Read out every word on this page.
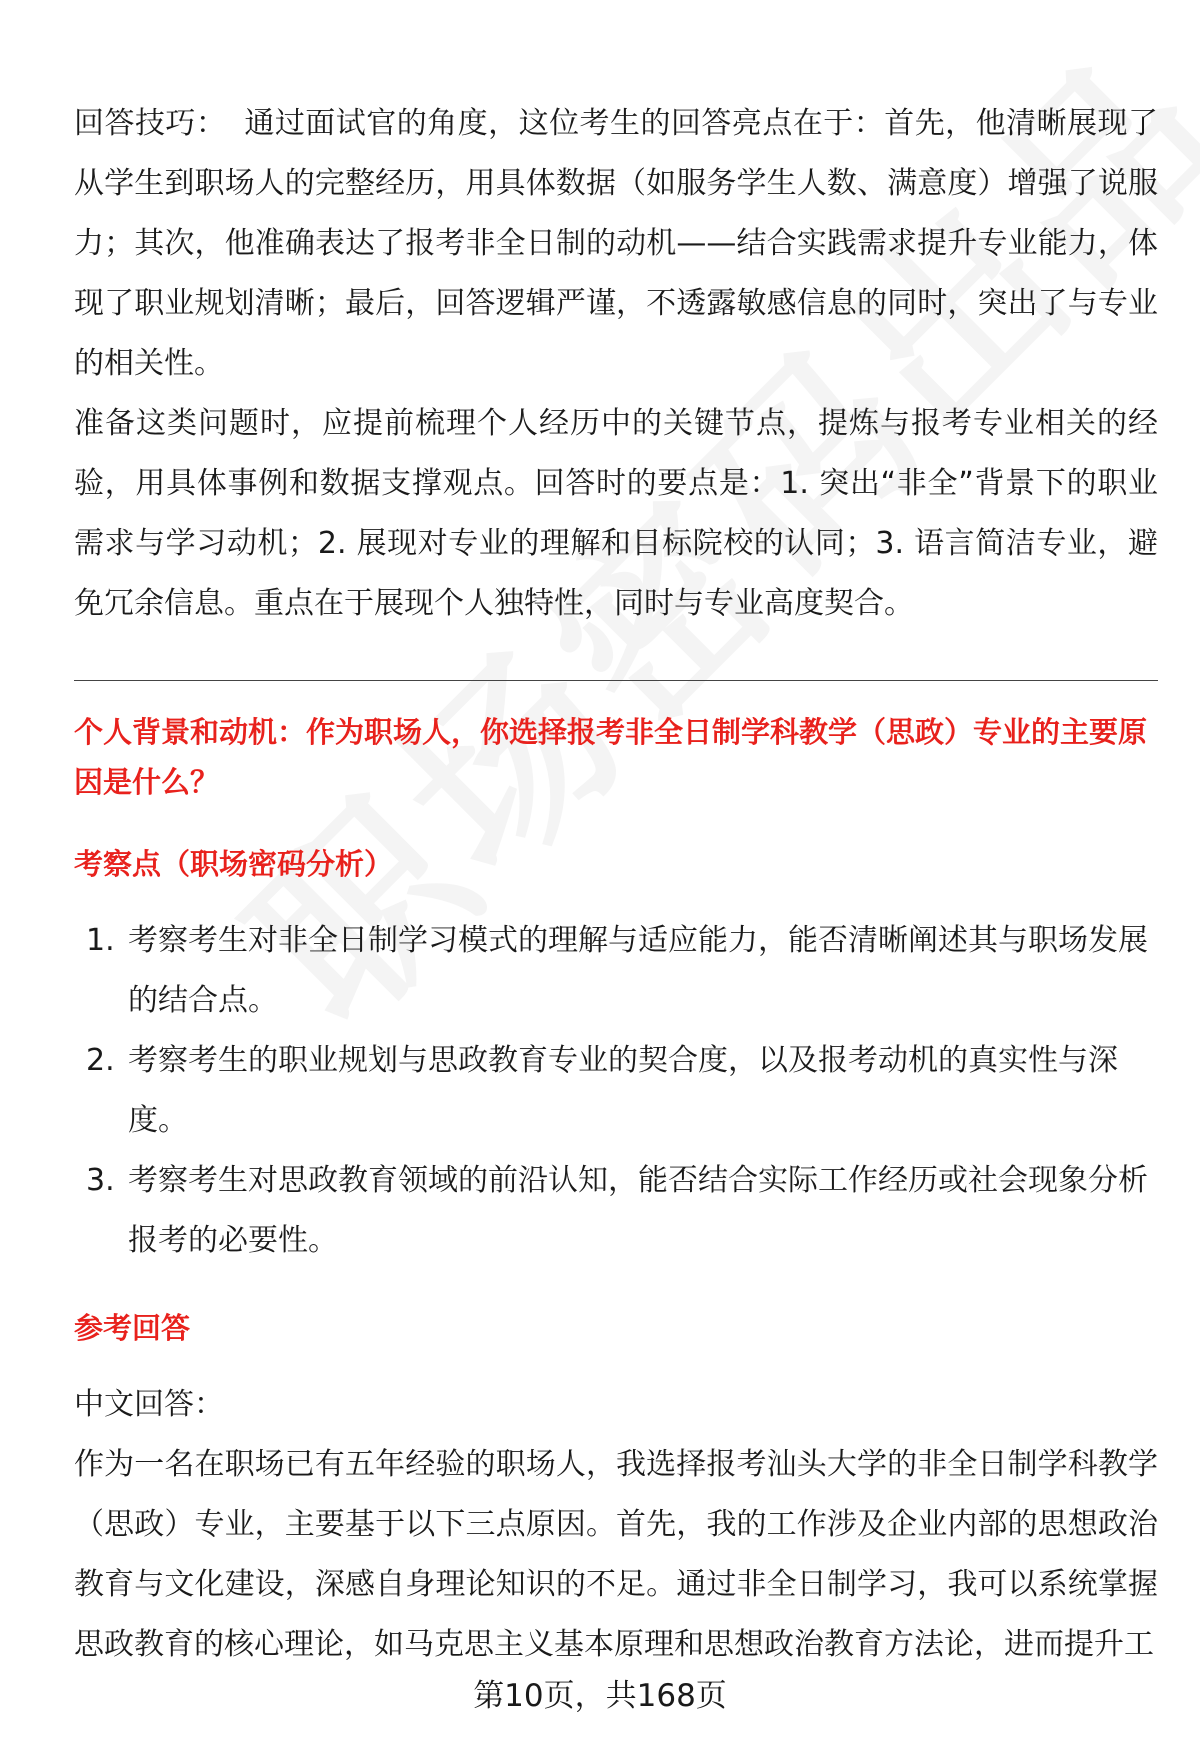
回答技巧： 通过面试官的角度，这位考生的回答亮点在于：首先，他清晰展现了从学生到职场人的完整经历，用具体数据（如服务学生人数、满意度）增强了说服力；其次，他准确表达了报考非全日制的动机——结合实践需求提升专业能力，体现了职业规划清晰；最后，回答逻辑严谨，不透露敏感信息的同时，突出了与专业的相关性。

准备这类问题时，应提前梳理个人经历中的关键节点，提炼与报考专业相关的经验，用具体事例和数据支撑观点。回答时的要点是：1. 突出“非全”背景下的职业需求与学习动机；2. 展现对专业的理解和目标院校的认同；3. 语言简洁专业，避免冗余信息。重点在于展现个人独特性，同时与专业高度契合。

个人背景和动机：作为职场人，你选择报考非全日制学科教学（思政）专业的主要原因是什么？

考察点（职场密码分析）

1. 考察考生对非全日制学习模式的理解与适应能力，能否清晰阐述其与职场发展的结合点。
2. 考察考生的职业规划与思政教育专业的契合度，以及报考动机的真实性与深度。
3. 考察考生对思政教育领域的前沿认知，能否结合实际工作经历或社会现象分析报考的必要性。

参考回答

中文回答：

作为一名在职场已有五年经验的职场人，我选择报考汕头大学的非全日制学科教学（思政）专业，主要基于以下三点原因。首先，我的工作涉及企业内部的思想政治教育与文化建设，深感自身理论知识的不足。通过非全日制学习，我可以系统掌握思政教育的核心理论，如马克思主义基本原理和思想政治教育方法论，进而提升工

第10页，共168页
